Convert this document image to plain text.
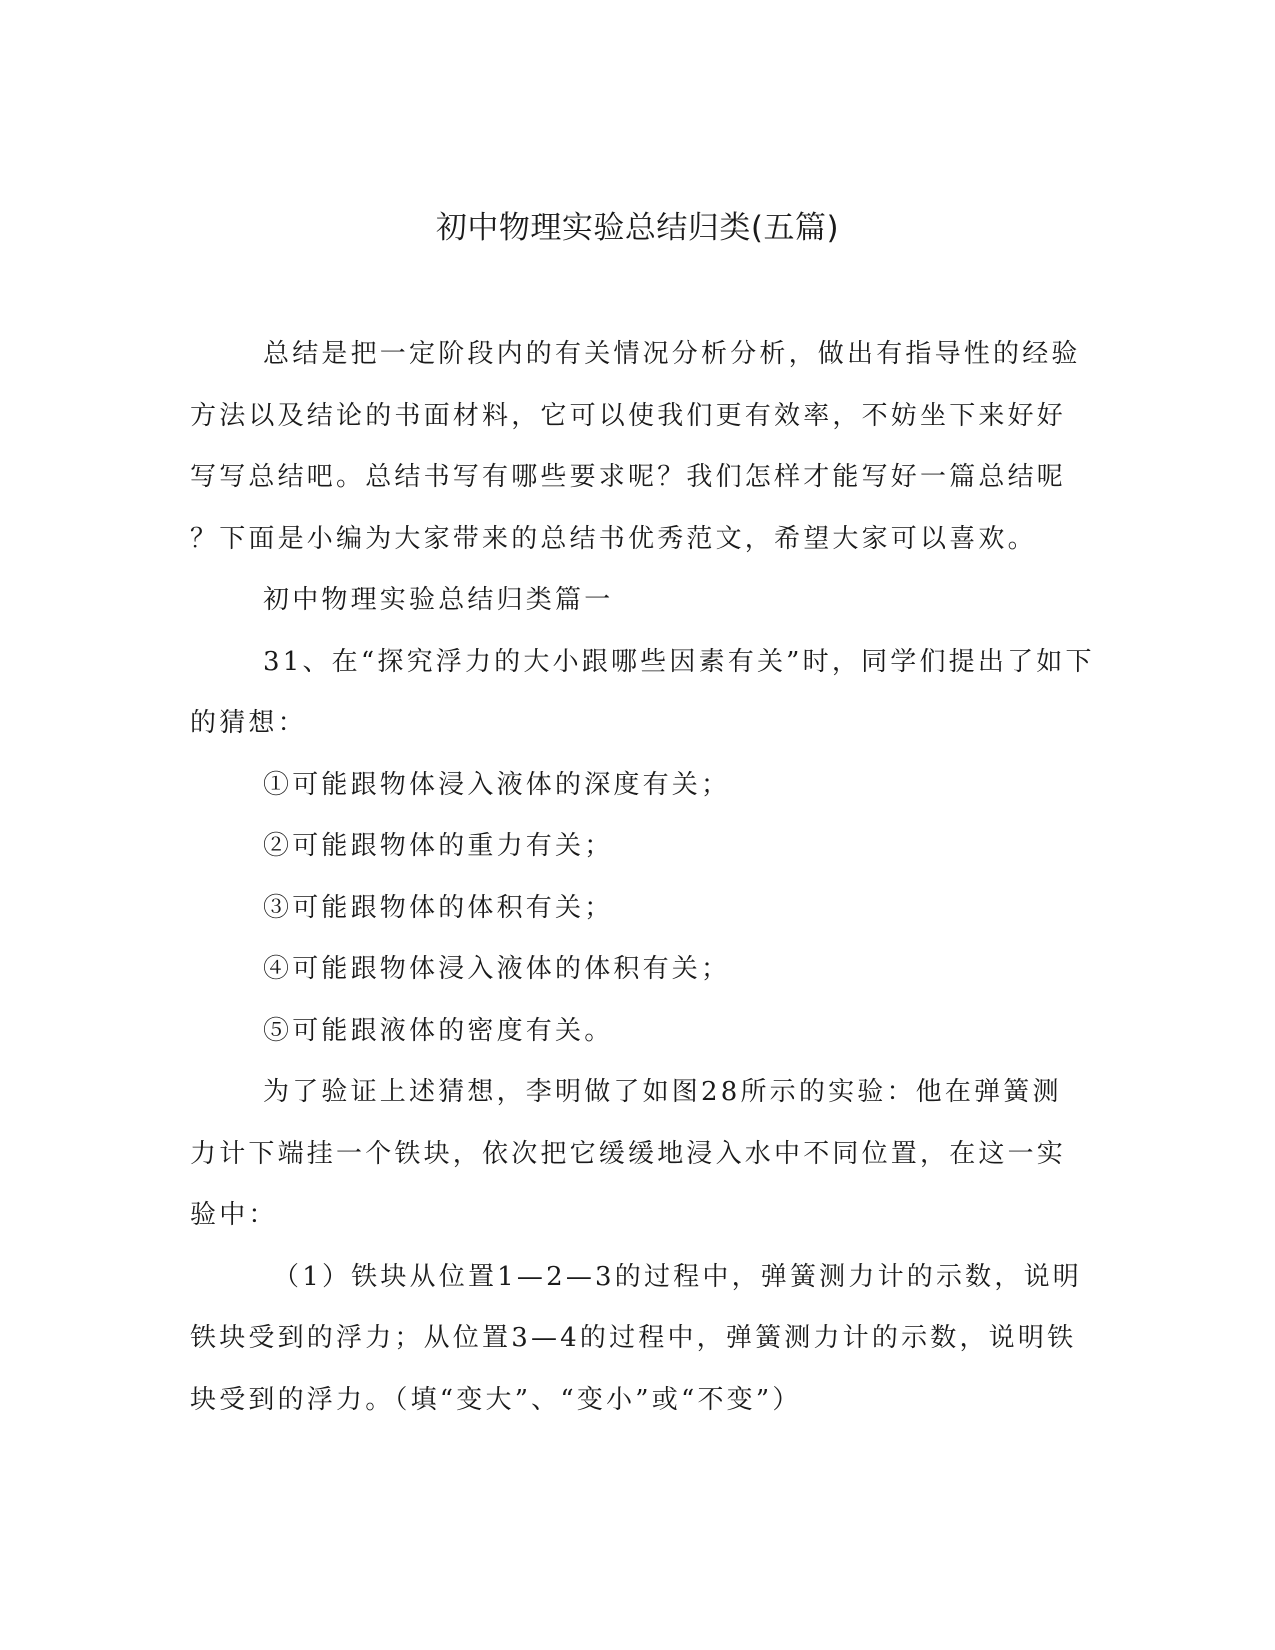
初中物理实验总结归类(五篇)

总结是把一定阶段内的有关情况分析分析，做出有指导性的经验
方法以及结论的书面材料，它可以使我们更有效率，不妨坐下来好好
写写总结吧。总结书写有哪些要求呢？我们怎样才能写好一篇总结呢
？下面是小编为大家带来的总结书优秀范文，希望大家可以喜欢。

初中物理实验总结归类篇一

31、在“探究浮力的大小跟哪些因素有关”时，同学们提出了如下
的猜想：

①可能跟物体浸入液体的深度有关；
②可能跟物体的重力有关；
③可能跟物体的体积有关；
④可能跟物体浸入液体的体积有关；
⑤可能跟液体的密度有关。

为了验证上述猜想，李明做了如图28所示的实验：他在弹簧测
力计下端挂一个铁块，依次把它缓缓地浸入水中不同位置，在这一实
验中：

（1）铁块从位置1—2—3的过程中，弹簧测力计的示数，说明
铁块受到的浮力；从位置3—4的过程中，弹簧测力计的示数，说明铁
块受到的浮力。（填“变大”、“变小”或“不变”）
